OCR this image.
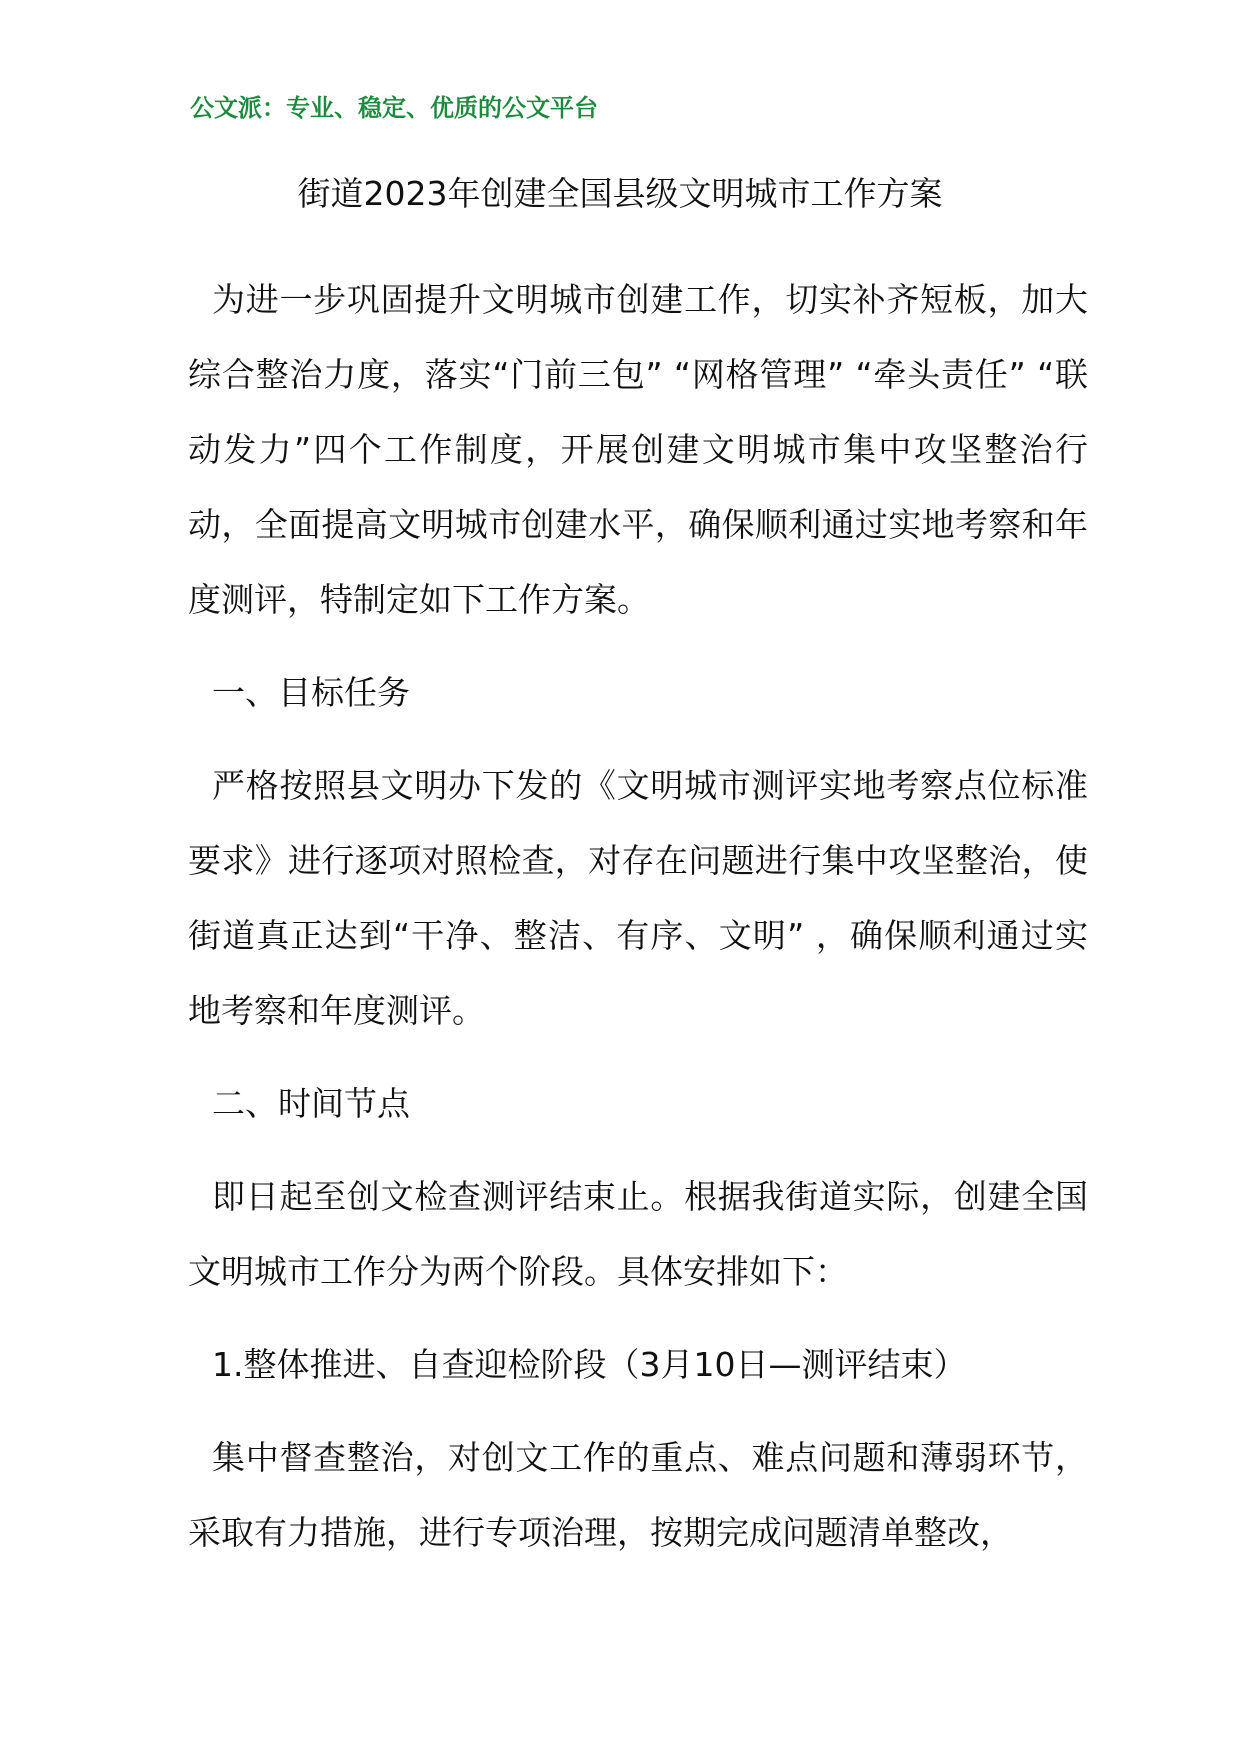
公文派：专业、稳定、优质的公文平台
街道2023年创建全国县级文明城市工作方案

为进一步巩固提升文明城市创建工作，切实补齐短板，加大综合整治力度，落实“门前三包” “网格管理” “牵头责任” “联动发力”四个工作制度，开展创建文明城市集中攻坚整治行动，全面提高文明城市创建水平，确保顺利通过实地考察和年度测评，特制定如下工作方案。

一、目标任务

严格按照县文明办下发的《文明城市测评实地考察点位标准要求》进行逐项对照检查，对存在问题进行集中攻坚整治，使街道真正达到“干净、整洁、有序、文明” ，确保顺利通过实地考察和年度测评。

二、时间节点

即日起至创文检查测评结束止。根据我街道实际，创建全国文明城市工作分为两个阶段。具体安排如下：

1.整体推进、自查迎检阶段（3月10日—测评结束）

集中督查整治，对创文工作的重点、难点问题和薄弱环节，采取有力措施，进行专项治理，按期完成问题清单整改，
